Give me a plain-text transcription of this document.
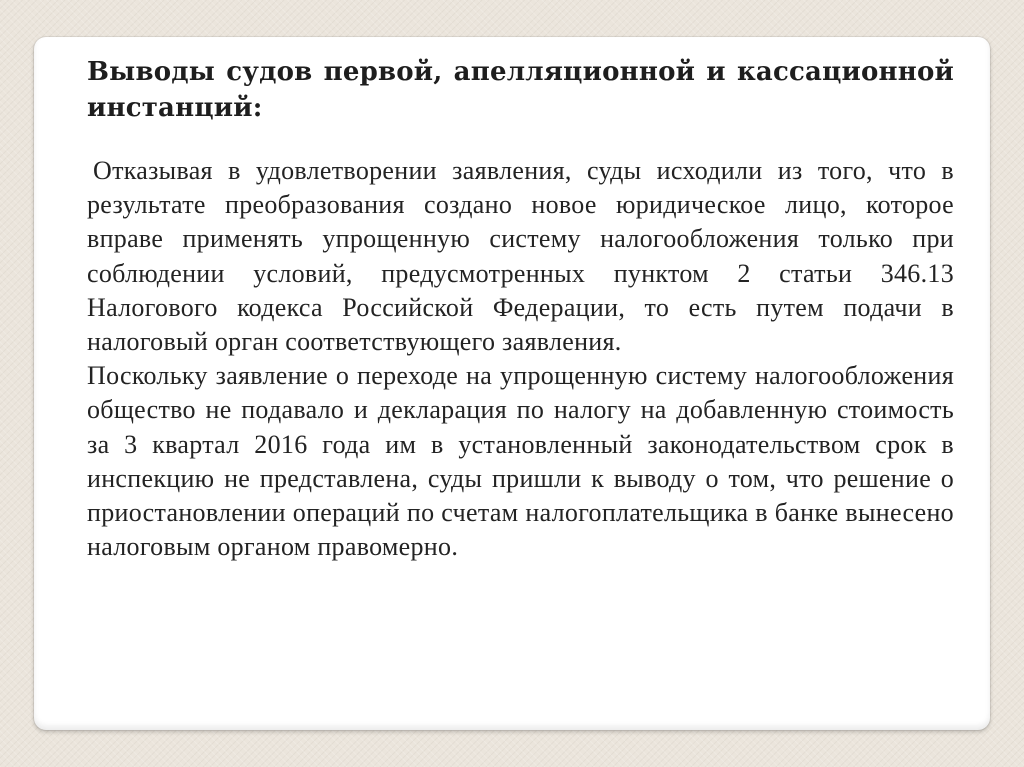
Выводы судов первой, апелляционной и кассационной инстанций:

Отказывая в удовлетворении заявления, суды исходили из того, что в результате преобразования создано новое юридическое лицо, которое вправе применять упрощенную систему налогообложения только при соблюдении условий, предусмотренных пунктом 2 статьи 346.13 Налогового кодекса Российской Федерации, то есть путем подачи в налоговый орган соответствующего заявления.

Поскольку заявление о переходе на упрощенную систему налогообложения общество не подавало и декларация по налогу на добавленную стоимость за 3 квартал 2016 года им в установленный законодательством срок в инспекцию не представлена, суды пришли к выводу о том, что решение о приостановлении операций по счетам налогоплательщика в банке вынесено налоговым органом правомерно.
